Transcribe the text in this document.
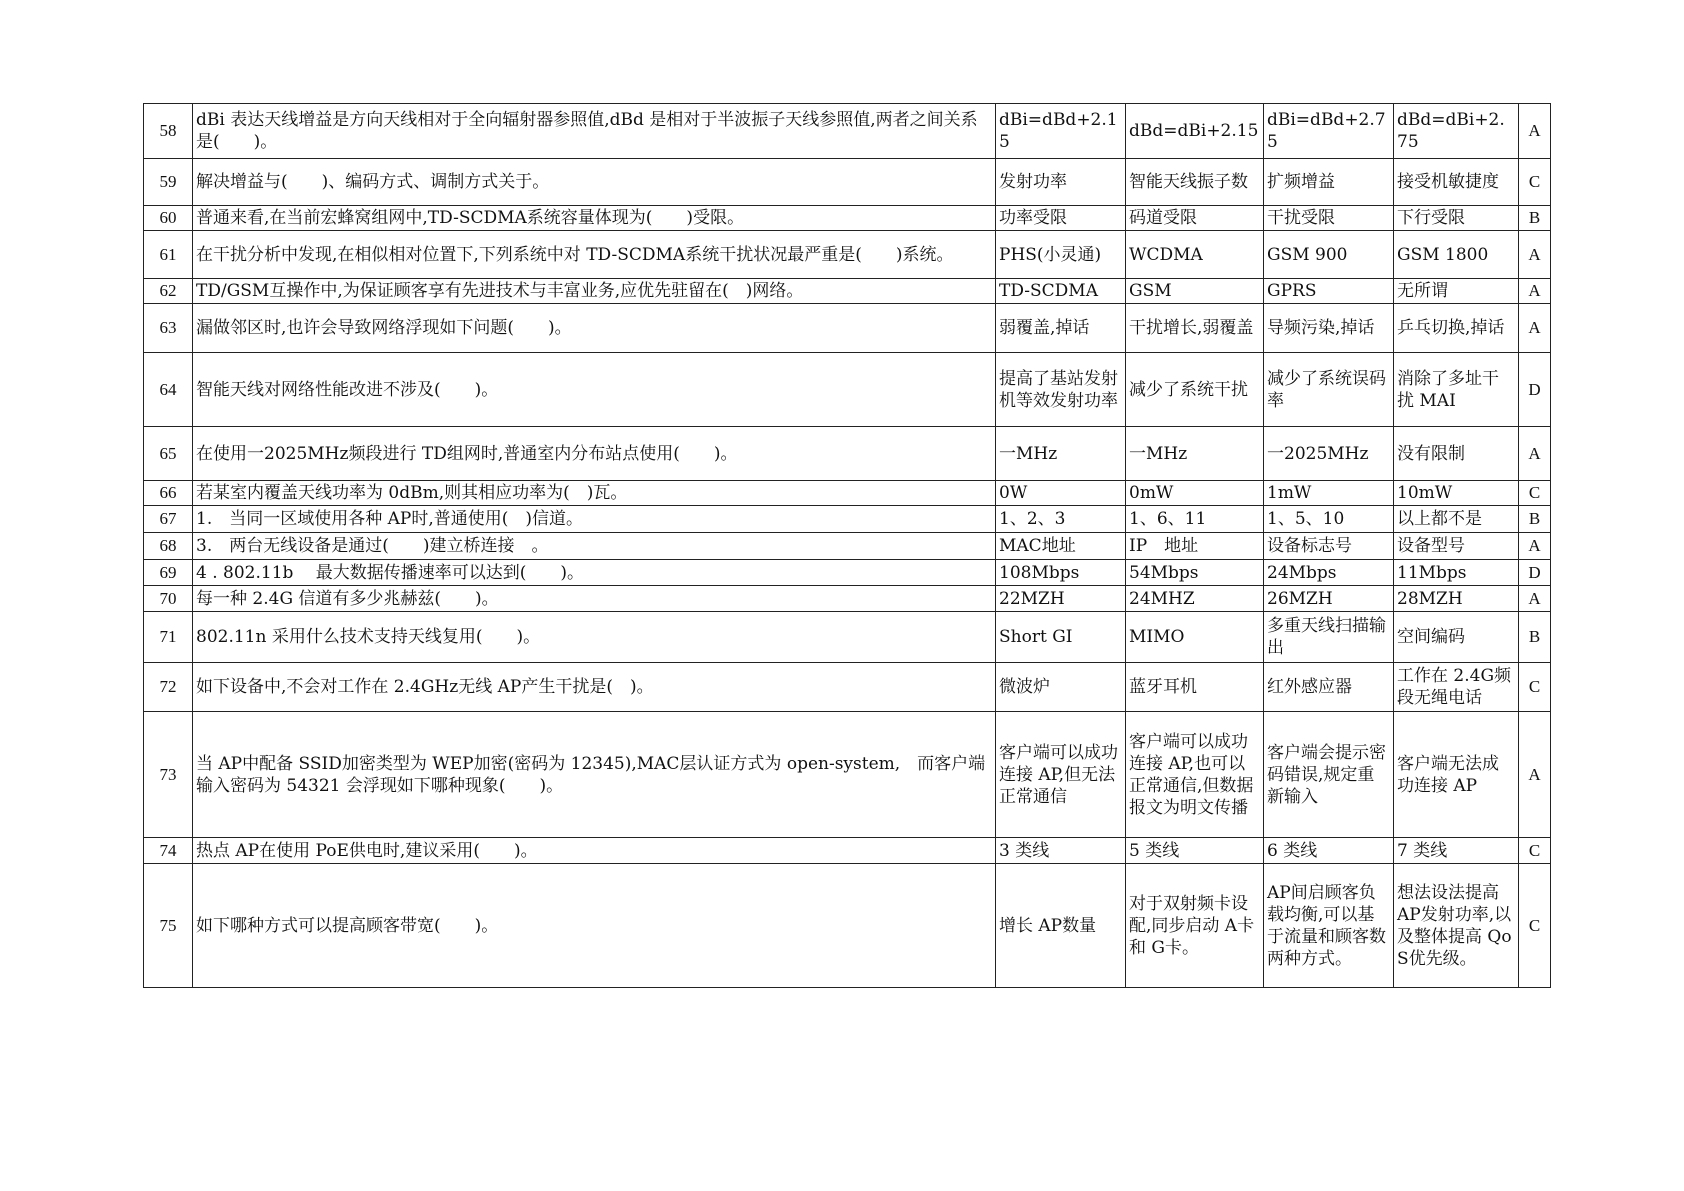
58	dBi 表达天线增益是方向天线相对于全向辐射器参照值,dBd 是相对于半波振子天线参照值,两者之间关系是(　　)。	dBi=dBd+2.15	dBd=dBi+2.15	dBi=dBd+2.75	dBd=dBi+2.75	A
59	解决增益与(　　)、编码方式、调制方式关于。	发射功率	智能天线振子数	扩频增益	接受机敏捷度	C
60	普通来看,在当前宏蜂窝组网中,TD-SCDMA系统容量体现为(　　)受限。	功率受限	码道受限	干扰受限	下行受限	B
61	在干扰分析中发现,在相似相对位置下,下列系统中对 TD-SCDMA系统干扰状况最严重是(　　)系统。	PHS(小灵通)	WCDMA	GSM 900	GSM 1800	A
62	TD/GSM互操作中,为保证顾客享有先进技术与丰富业务,应优先驻留在(　)网络。	TD-SCDMA	GSM	GPRS	无所谓	A
63	漏做邻区时,也许会导致网络浮现如下问题(　　)。	弱覆盖,掉话	干扰增长,弱覆盖	导频污染,掉话	乒乓切换,掉话	A
64	智能天线对网络性能改进不涉及(　　)。	提高了基站发射机等效发射功率	减少了系统干扰	减少了系统误码率	消除了多址干扰 MAI	D
65	在使用一2025MHz频段进行 TD组网时,普通室内分布站点使用(　　)。	一MHz	一MHz	一2025MHz	没有限制	A
66	若某室内覆盖天线功率为 0dBm,则其相应功率为(　)瓦。	0W	0mW	1mW	10mW	C
67	1.　当同一区域使用各种 AP时,普通使用(　)信道。	1、2、3	1、6、11	1、5、10	以上都不是	B
68	3.　两台无线设备是通过(　　)建立桥连接　。	MAC地址	IP　地址	设备标志号	设备型号	A
69	4 . 802.11b　 最大数据传播速率可以达到(　　)。	108Mbps	54Mbps	24Mbps	11Mbps	D
70	每一种 2.4G 信道有多少兆赫兹(　　)。	22MZH	24MHZ	26MZH	28MZH	A
71	802.11n 采用什么技术支持天线复用(　　)。	Short GI	MIMO	多重天线扫描输出	空间编码	B
72	如下设备中,不会对工作在 2.4GHz无线 AP产生干扰是(　)。	微波炉	蓝牙耳机	红外感应器	工作在 2.4G频段无绳电话	C
73	当 AP中配备 SSID加密类型为 WEP加密(密码为 12345),MAC层认证方式为 open-system,　而客户端输入密码为 54321 会浮现如下哪种现象(　　)。	客户端可以成功连接 AP,但无法正常通信	客户端可以成功连接 AP,也可以正常通信,但数据报文为明文传播	客户端会提示密码错误,规定重新输入	客户端无法成功连接 AP	A
74	热点 AP在使用 PoE供电时,建议采用(　　)。	3 类线	5 类线	6 类线	7 类线	C
75	如下哪种方式可以提高顾客带宽(　　)。	增长 AP数量	对于双射频卡设配,同步启动 A卡和 G卡。	AP间启顾客负载均衡,可以基于流量和顾客数两种方式。	想法设法提高 AP发射功率,以及整体提高 QoS优先级。	C
